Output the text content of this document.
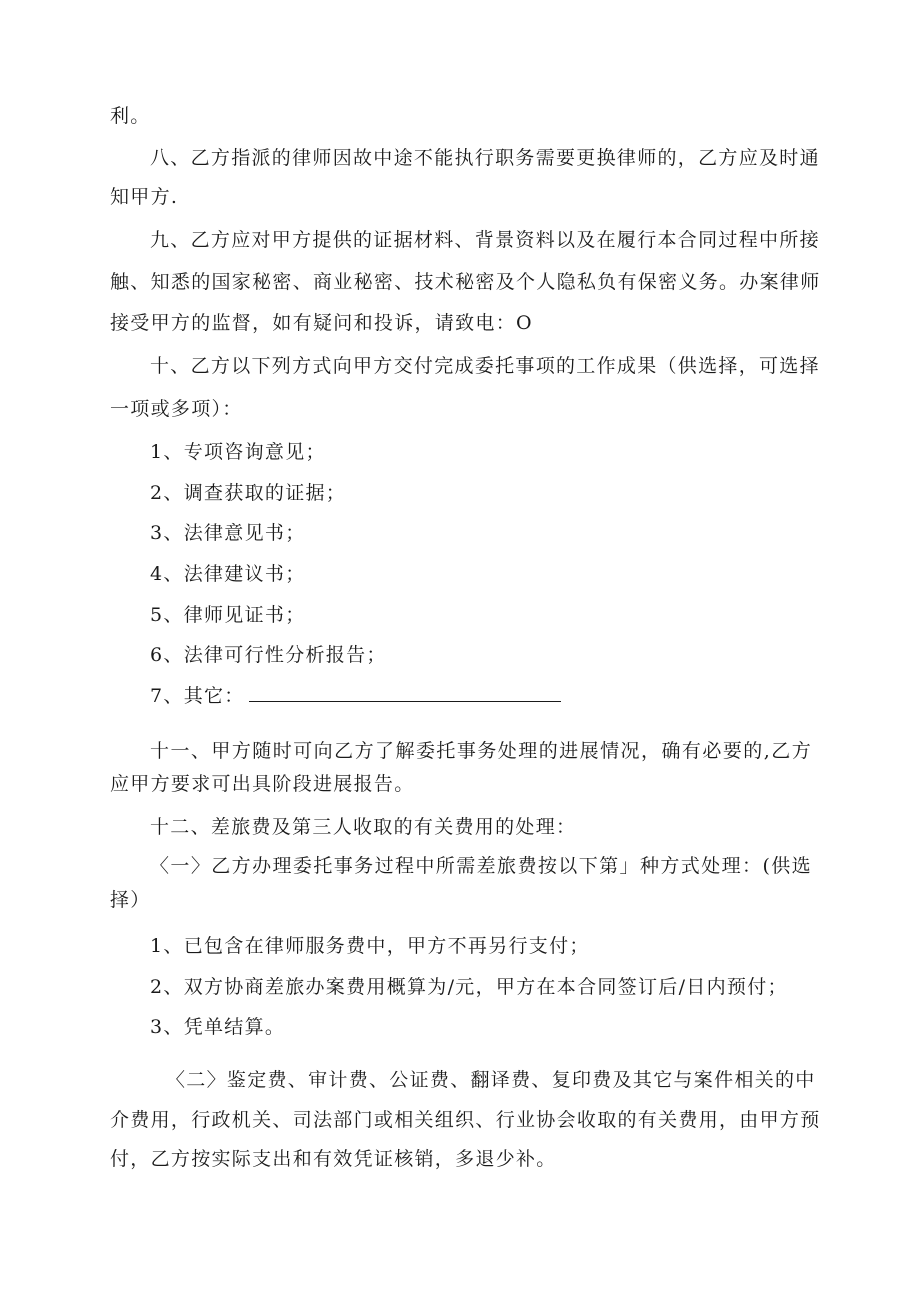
利。
八、乙方指派的律师因故中途不能执行职务需要更换律师的，乙方应及时通
知甲方.
九、乙方应对甲方提供的证据材料、背景资料以及在履行本合同过程中所接
触、知悉的国家秘密、商业秘密、技术秘密及个人隐私负有保密义务。办案律师
接受甲方的监督，如有疑问和投诉，请致电：O
十、乙方以下列方式向甲方交付完成委托事项的工作成果（供选择，可选择
一项或多项）：
1、专项咨询意见；
2、调查获取的证据；
3、法律意见书；
4、法律建议书；
5、律师见证书；
6、法律可行性分析报告；
7、其它：
十一、甲方随时可向乙方了解委托事务处理的进展情况，确有必要的,乙方
应甲方要求可出具阶段进展报告。
十二、差旅费及第三人收取的有关费用的处理：
〈一〉乙方办理委托事务过程中所需差旅费按以下第」种方式处理：(供选
择）
1、已包含在律师服务费中，甲方不再另行支付；
2、双方协商差旅办案费用概算为/元，甲方在本合同签订后/日内预付；
3、凭单结算。
〈二〉鉴定费、审计费、公证费、翻译费、复印费及其它与案件相关的中
介费用，行政机关、司法部门或相关组织、行业协会收取的有关费用，由甲方预
付，乙方按实际支出和有效凭证核销，多退少补。
